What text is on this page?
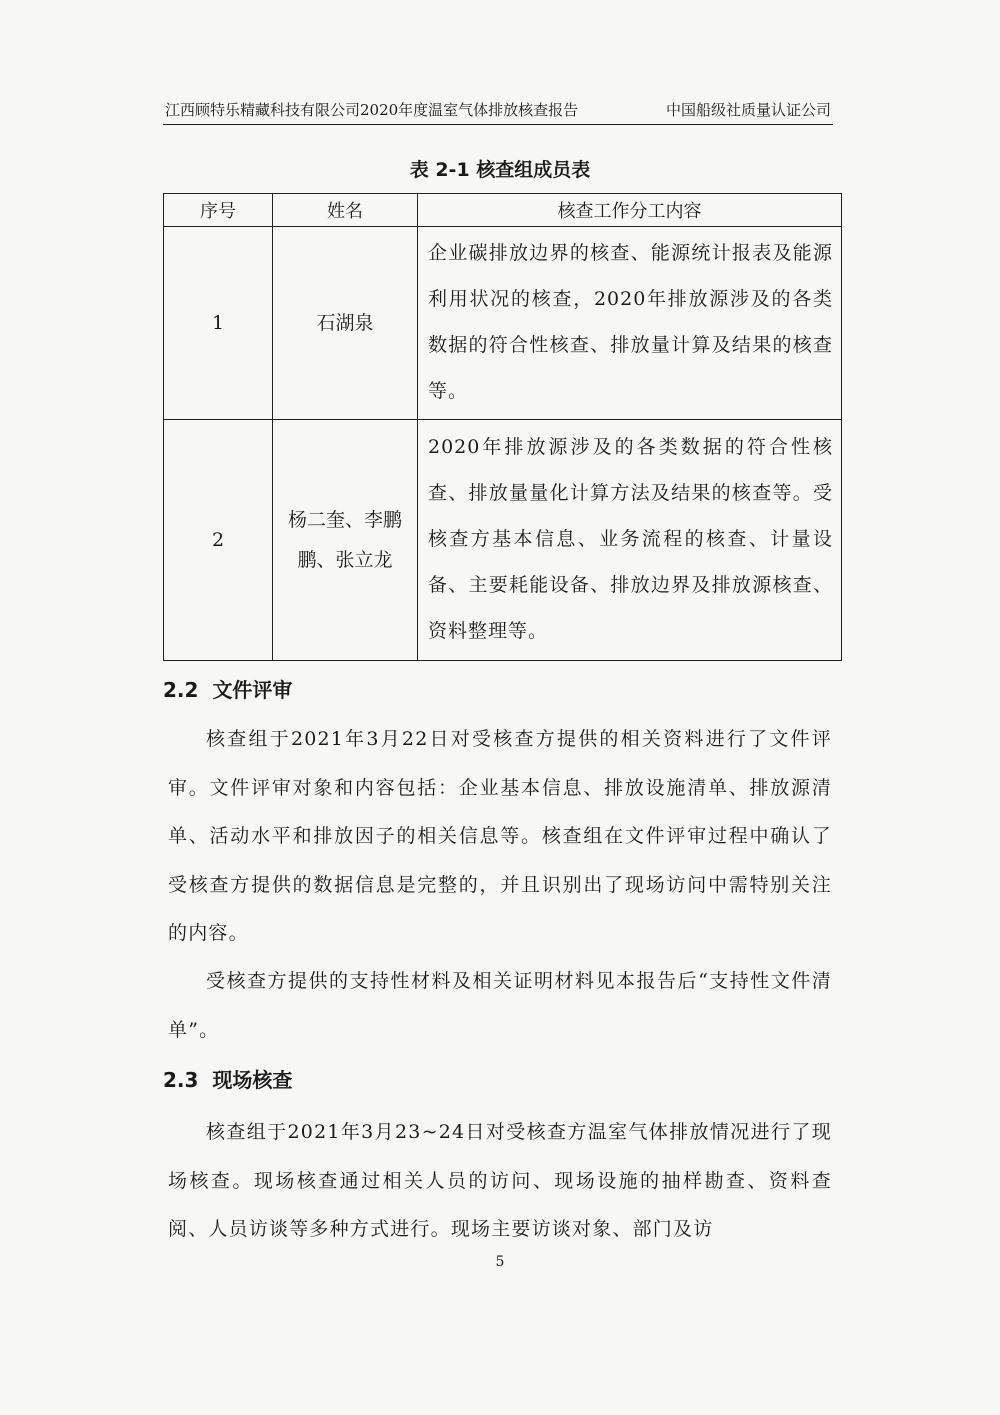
江西顾特乐精藏科技有限公司2020年度温室气体排放核查报告	中国船级社质量认证公司
表 2-1 核查组成员表
序号	姓名	核查工作分工内容
1	石湖泉	企业碳排放边界的核查、能源统计报表及能源利用状况的核查，2020年排放源涉及的各类数据的符合性核查、排放量计算及结果的核查等。
2	杨二奎、李鹏鹏、张立龙	2020年排放源涉及的各类数据的符合性核查、排放量量化计算方法及结果的核查等。受核查方基本信息、业务流程的核查、计量设备、主要耗能设备、排放边界及排放源核查、资料整理等。
2.2 文件评审
核查组于2021年3月22日对受核查方提供的相关资料进行了文件评审。文件评审对象和内容包括：企业基本信息、排放设施清单、排放源清单、活动水平和排放因子的相关信息等。核查组在文件评审过程中确认了受核查方提供的数据信息是完整的，并且识别出了现场访问中需特别关注的内容。
受核查方提供的支持性材料及相关证明材料见本报告后“支持性文件清单”。
2.3 现场核查
核查组于2021年3月23~24日对受核查方温室气体排放情况进行了现场核查。现场核查通过相关人员的访问、现场设施的抽样勘查、资料查阅、人员访谈等多种方式进行。现场主要访谈对象、部门及访
5
